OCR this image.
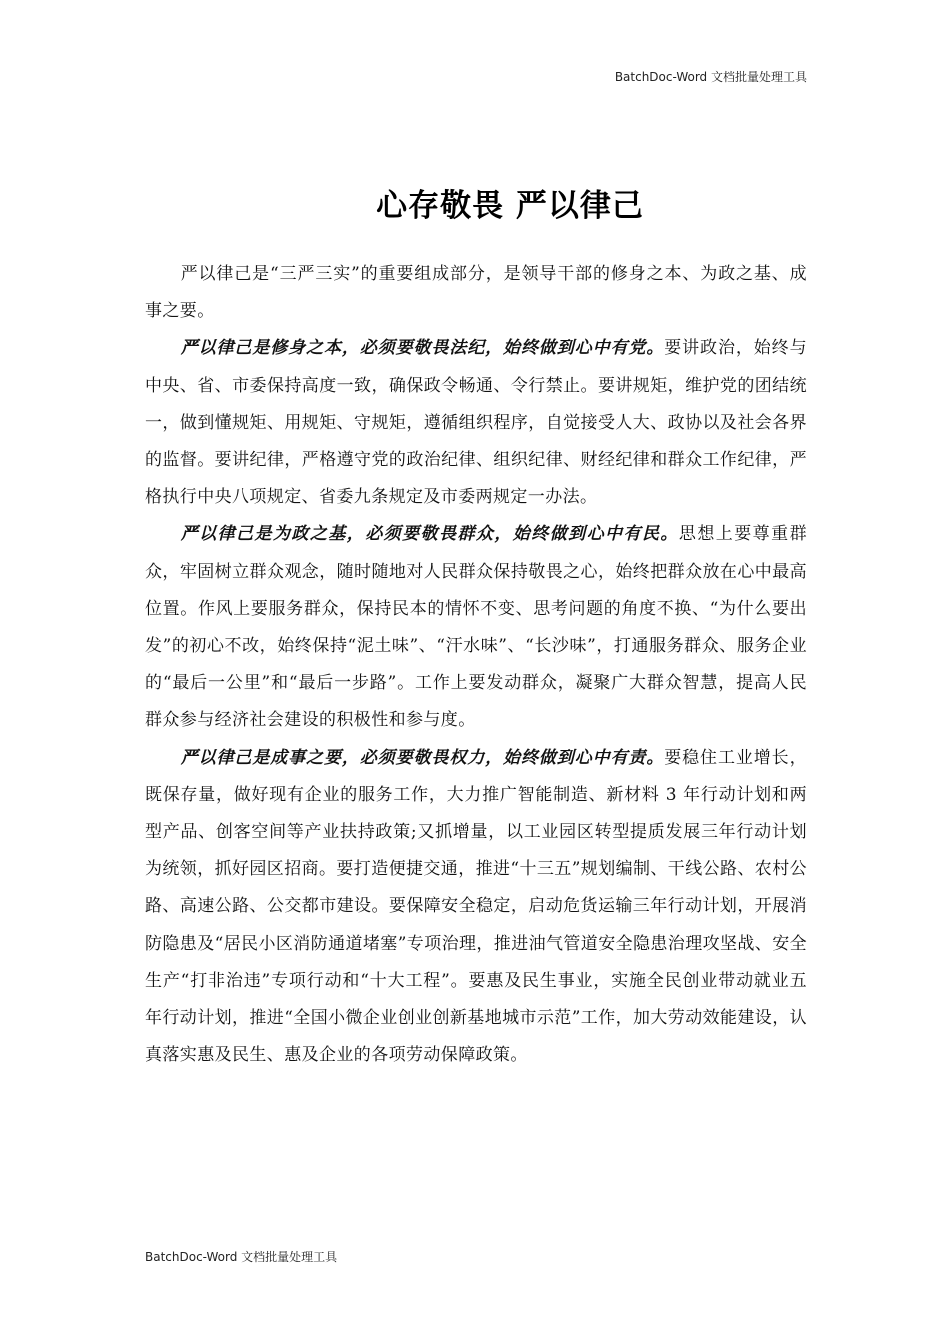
BatchDoc-Word 文档批量处理工具
心存敬畏 严以律己

严以律己是“三严三实”的重要组成部分，是领导干部的修身之本、为政之基、成事之要。

严以律己是修身之本，必须要敬畏法纪，始终做到心中有党。要讲政治，始终与中央、省、市委保持高度一致，确保政令畅通、令行禁止。要讲规矩，维护党的团结统一，做到懂规矩、用规矩、守规矩，遵循组织程序，自觉接受人大、政协以及社会各界的监督。要讲纪律，严格遵守党的政治纪律、组织纪律、财经纪律和群众工作纪律，严格执行中央八项规定、省委九条规定及市委两规定一办法。

严以律己是为政之基，必须要敬畏群众，始终做到心中有民。思想上要尊重群众，牢固树立群众观念，随时随地对人民群众保持敬畏之心，始终把群众放在心中最高位置。作风上要服务群众，保持民本的情怀不变、思考问题的角度不换、“为什么要出发”的初心不改，始终保持“泥土味”、“汗水味”、“长沙味”，打通服务群众、服务企业的“最后一公里”和“最后一步路”。工作上要发动群众，凝聚广大群众智慧，提高人民群众参与经济社会建设的积极性和参与度。

严以律己是成事之要，必须要敬畏权力，始终做到心中有责。要稳住工业增长，既保存量，做好现有企业的服务工作，大力推广智能制造、新材料 3 年行动计划和两型产品、创客空间等产业扶持政策;又抓增量，以工业园区转型提质发展三年行动计划为统领，抓好园区招商。要打造便捷交通，推进“十三五”规划编制、干线公路、农村公路、高速公路、公交都市建设。要保障安全稳定，启动危货运输三年行动计划，开展消防隐患及“居民小区消防通道堵塞”专项治理，推进油气管道安全隐患治理攻坚战、安全生产“打非治违”专项行动和“十大工程”。要惠及民生事业，实施全民创业带动就业五年行动计划，推进“全国小微企业创业创新基地城市示范”工作，加大劳动效能建设，认真落实惠及民生、惠及企业的各项劳动保障政策。

BatchDoc-Word 文档批量处理工具
